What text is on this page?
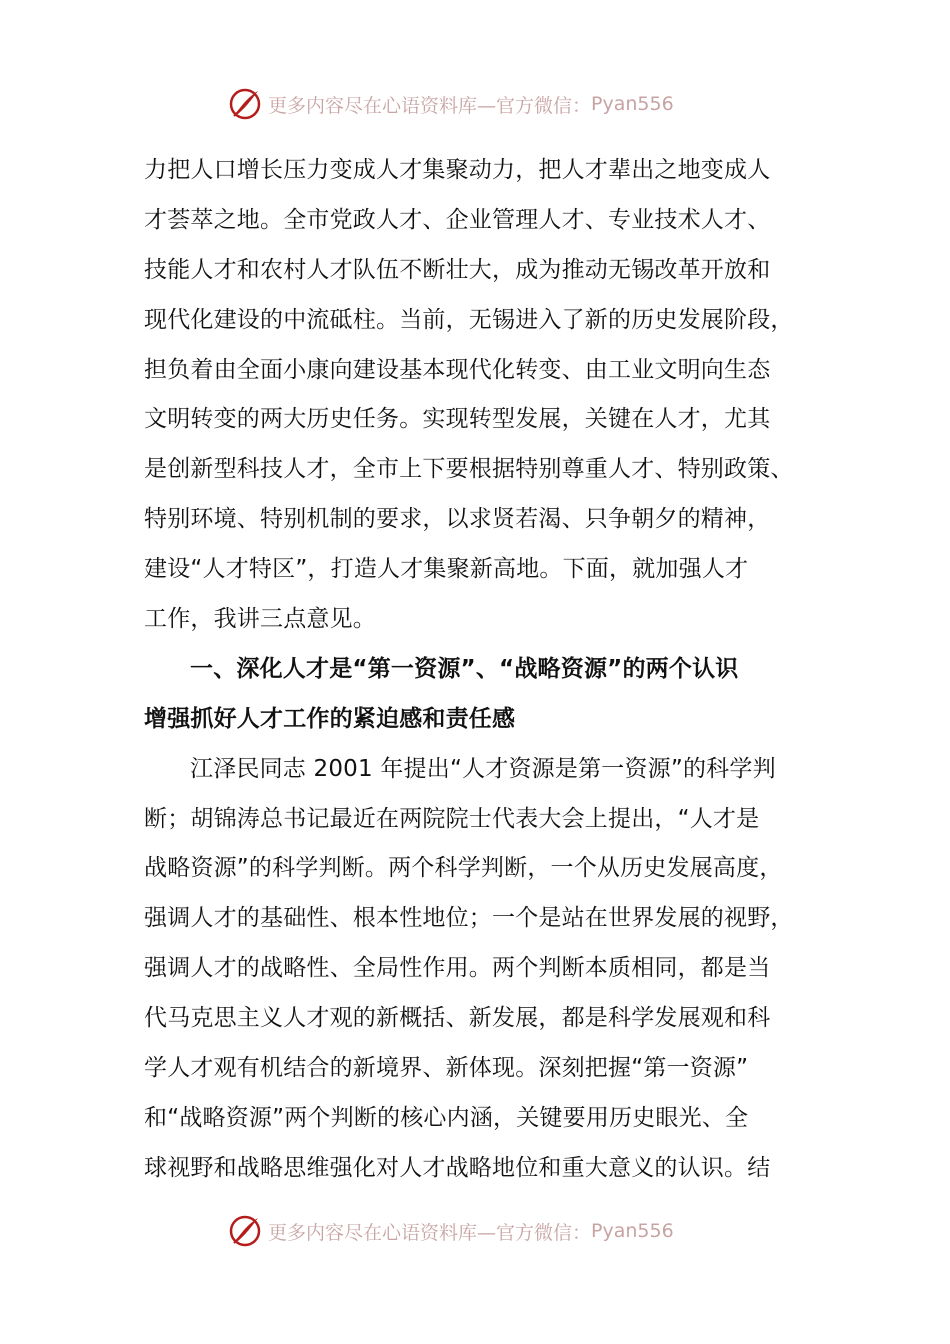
更多内容尽在心语资料库—官方微信： Pyan556
力把人口增长压力变成人才集聚动力，把人才辈出之地变成人
才荟萃之地。全市党政人才、企业管理人才、专业技术人才、
技能人才和农村人才队伍不断壮大，成为推动无锡改革开放和
现代化建设的中流砥柱。当前，无锡进入了新的历史发展阶段，
担负着由全面小康向建设基本现代化转变、由工业文明向生态
文明转变的两大历史任务。实现转型发展，关键在人才，尤其
是创新型科技人才，全市上下要根据特别尊重人才、特别政策、
特别环境、特别机制的要求，以求贤若渴、只争朝夕的精神，
建设“人才特区”，打造人才集聚新高地。下面，就加强人才
工作，我讲三点意见。
一、深化人才是“第一资源”、“战略资源”的两个认识
增强抓好人才工作的紧迫感和责任感
江泽民同志 2001 年提出“人才资源是第一资源”的科学判
断；胡锦涛总书记最近在两院院士代表大会上提出，“人才是
战略资源”的科学判断。两个科学判断，一个从历史发展高度，
强调人才的基础性、根本性地位；一个是站在世界发展的视野，
强调人才的战略性、全局性作用。两个判断本质相同，都是当
代马克思主义人才观的新概括、新发展，都是科学发展观和科
学人才观有机结合的新境界、新体现。深刻把握“第一资源”
和“战略资源”两个判断的核心内涵，关键要用历史眼光、全
球视野和战略思维强化对人才战略地位和重大意义的认识。结
更多内容尽在心语资料库—官方微信： Pyan556
